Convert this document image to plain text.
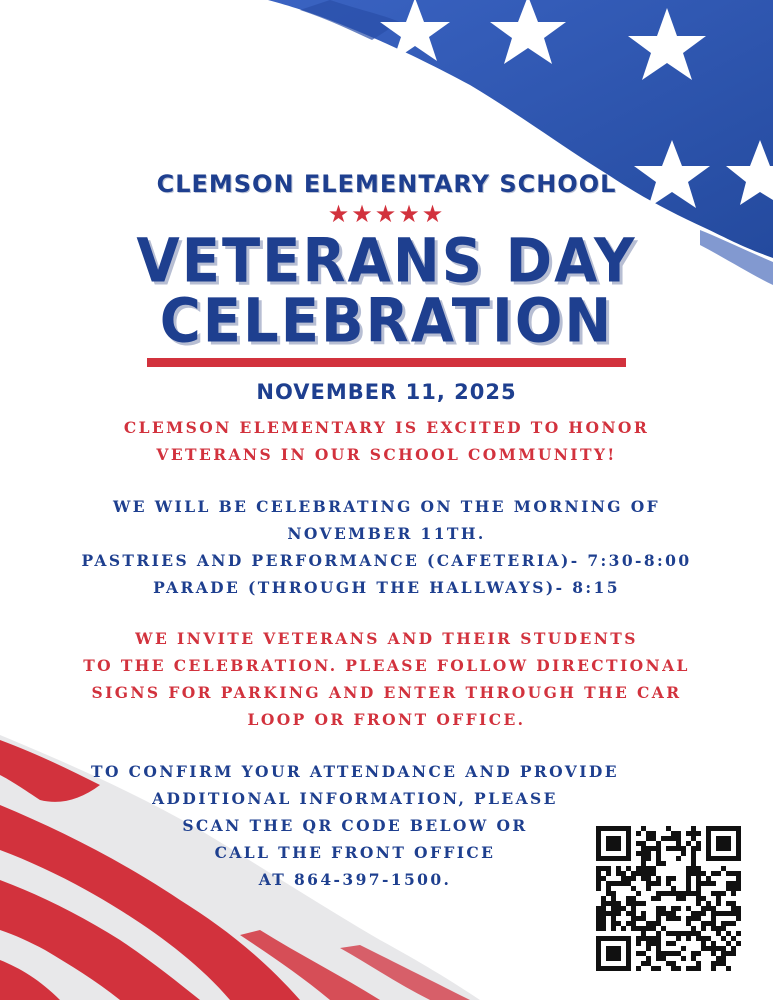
CLEMSON ELEMENTARY SCHOOL
★★★★★
VETERANS DAY
CELEBRATION
NOVEMBER 11, 2025
CLEMSON ELEMENTARY IS EXCITED TO HONOR
VETERANS IN OUR SCHOOL COMMUNITY!
WE WILL BE CELEBRATING ON THE MORNING OF
NOVEMBER 11TH.
PASTRIES AND PERFORMANCE (CAFETERIA)- 7:30-8:00
PARADE (THROUGH THE HALLWAYS)- 8:15
WE INVITE VETERANS AND THEIR STUDENTS
TO THE CELEBRATION. PLEASE FOLLOW DIRECTIONAL
SIGNS FOR PARKING AND ENTER THROUGH THE CAR
LOOP OR FRONT OFFICE.
TO CONFIRM YOUR ATTENDANCE AND PROVIDE
ADDITIONAL INFORMATION, PLEASE
SCAN THE QR CODE BELOW OR
CALL THE FRONT OFFICE
AT 864-397-1500.
